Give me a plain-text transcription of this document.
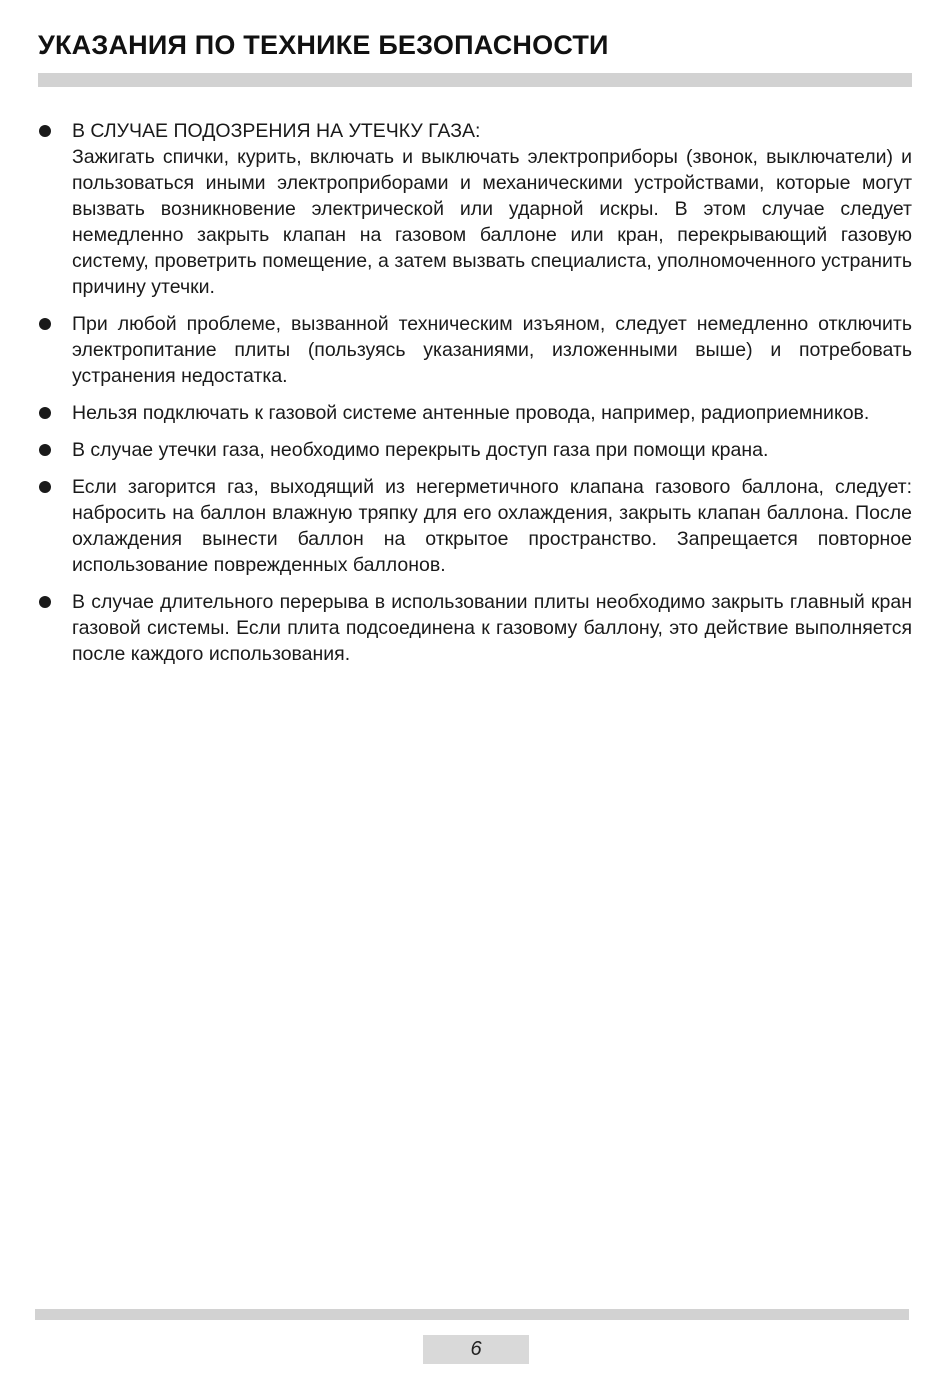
УКАЗАНИЯ ПО ТЕХНИКЕ БЕЗОПАСНОСТИ
В СЛУЧАЕ ПОДОЗРЕНИЯ НА УТЕЧКУ ГАЗА:
Зажигать спички, курить, включать и выключать электроприборы (звонок, выключатели) и пользоваться иными электроприборами и механическими устройствами, которые могут вызвать возникновение электрической или ударной искры. В этом случае следует немедленно закрыть клапан на газовом баллоне или кран, перекрывающий газовую систему, проветрить помещение, а затем вызвать специалиста, уполномоченного устранить причину утечки.
При любой проблеме, вызванной техническим изъяном, следует немедленно отключить электропитание плиты (пользуясь указаниями, изложенными выше) и потребовать устранения недостатка.
Нельзя подключать к газовой системе антенные провода, например, радиоприемников.
В случае утечки газа, необходимо перекрыть доступ газа при помощи крана.
Если загорится газ, выходящий из негерметичного клапана газового баллона, следует: набросить на баллон влажную тряпку для его охлаждения, закрыть клапан баллона. После охлаждения вынести баллон на открытое пространство. Запрещается повторное использование поврежденных баллонов.
В случае длительного перерыва в использовании плиты необходимо закрыть главный кран газовой системы. Если плита подсоединена к газовому баллону, это действие выполняется после каждого использования.
6
